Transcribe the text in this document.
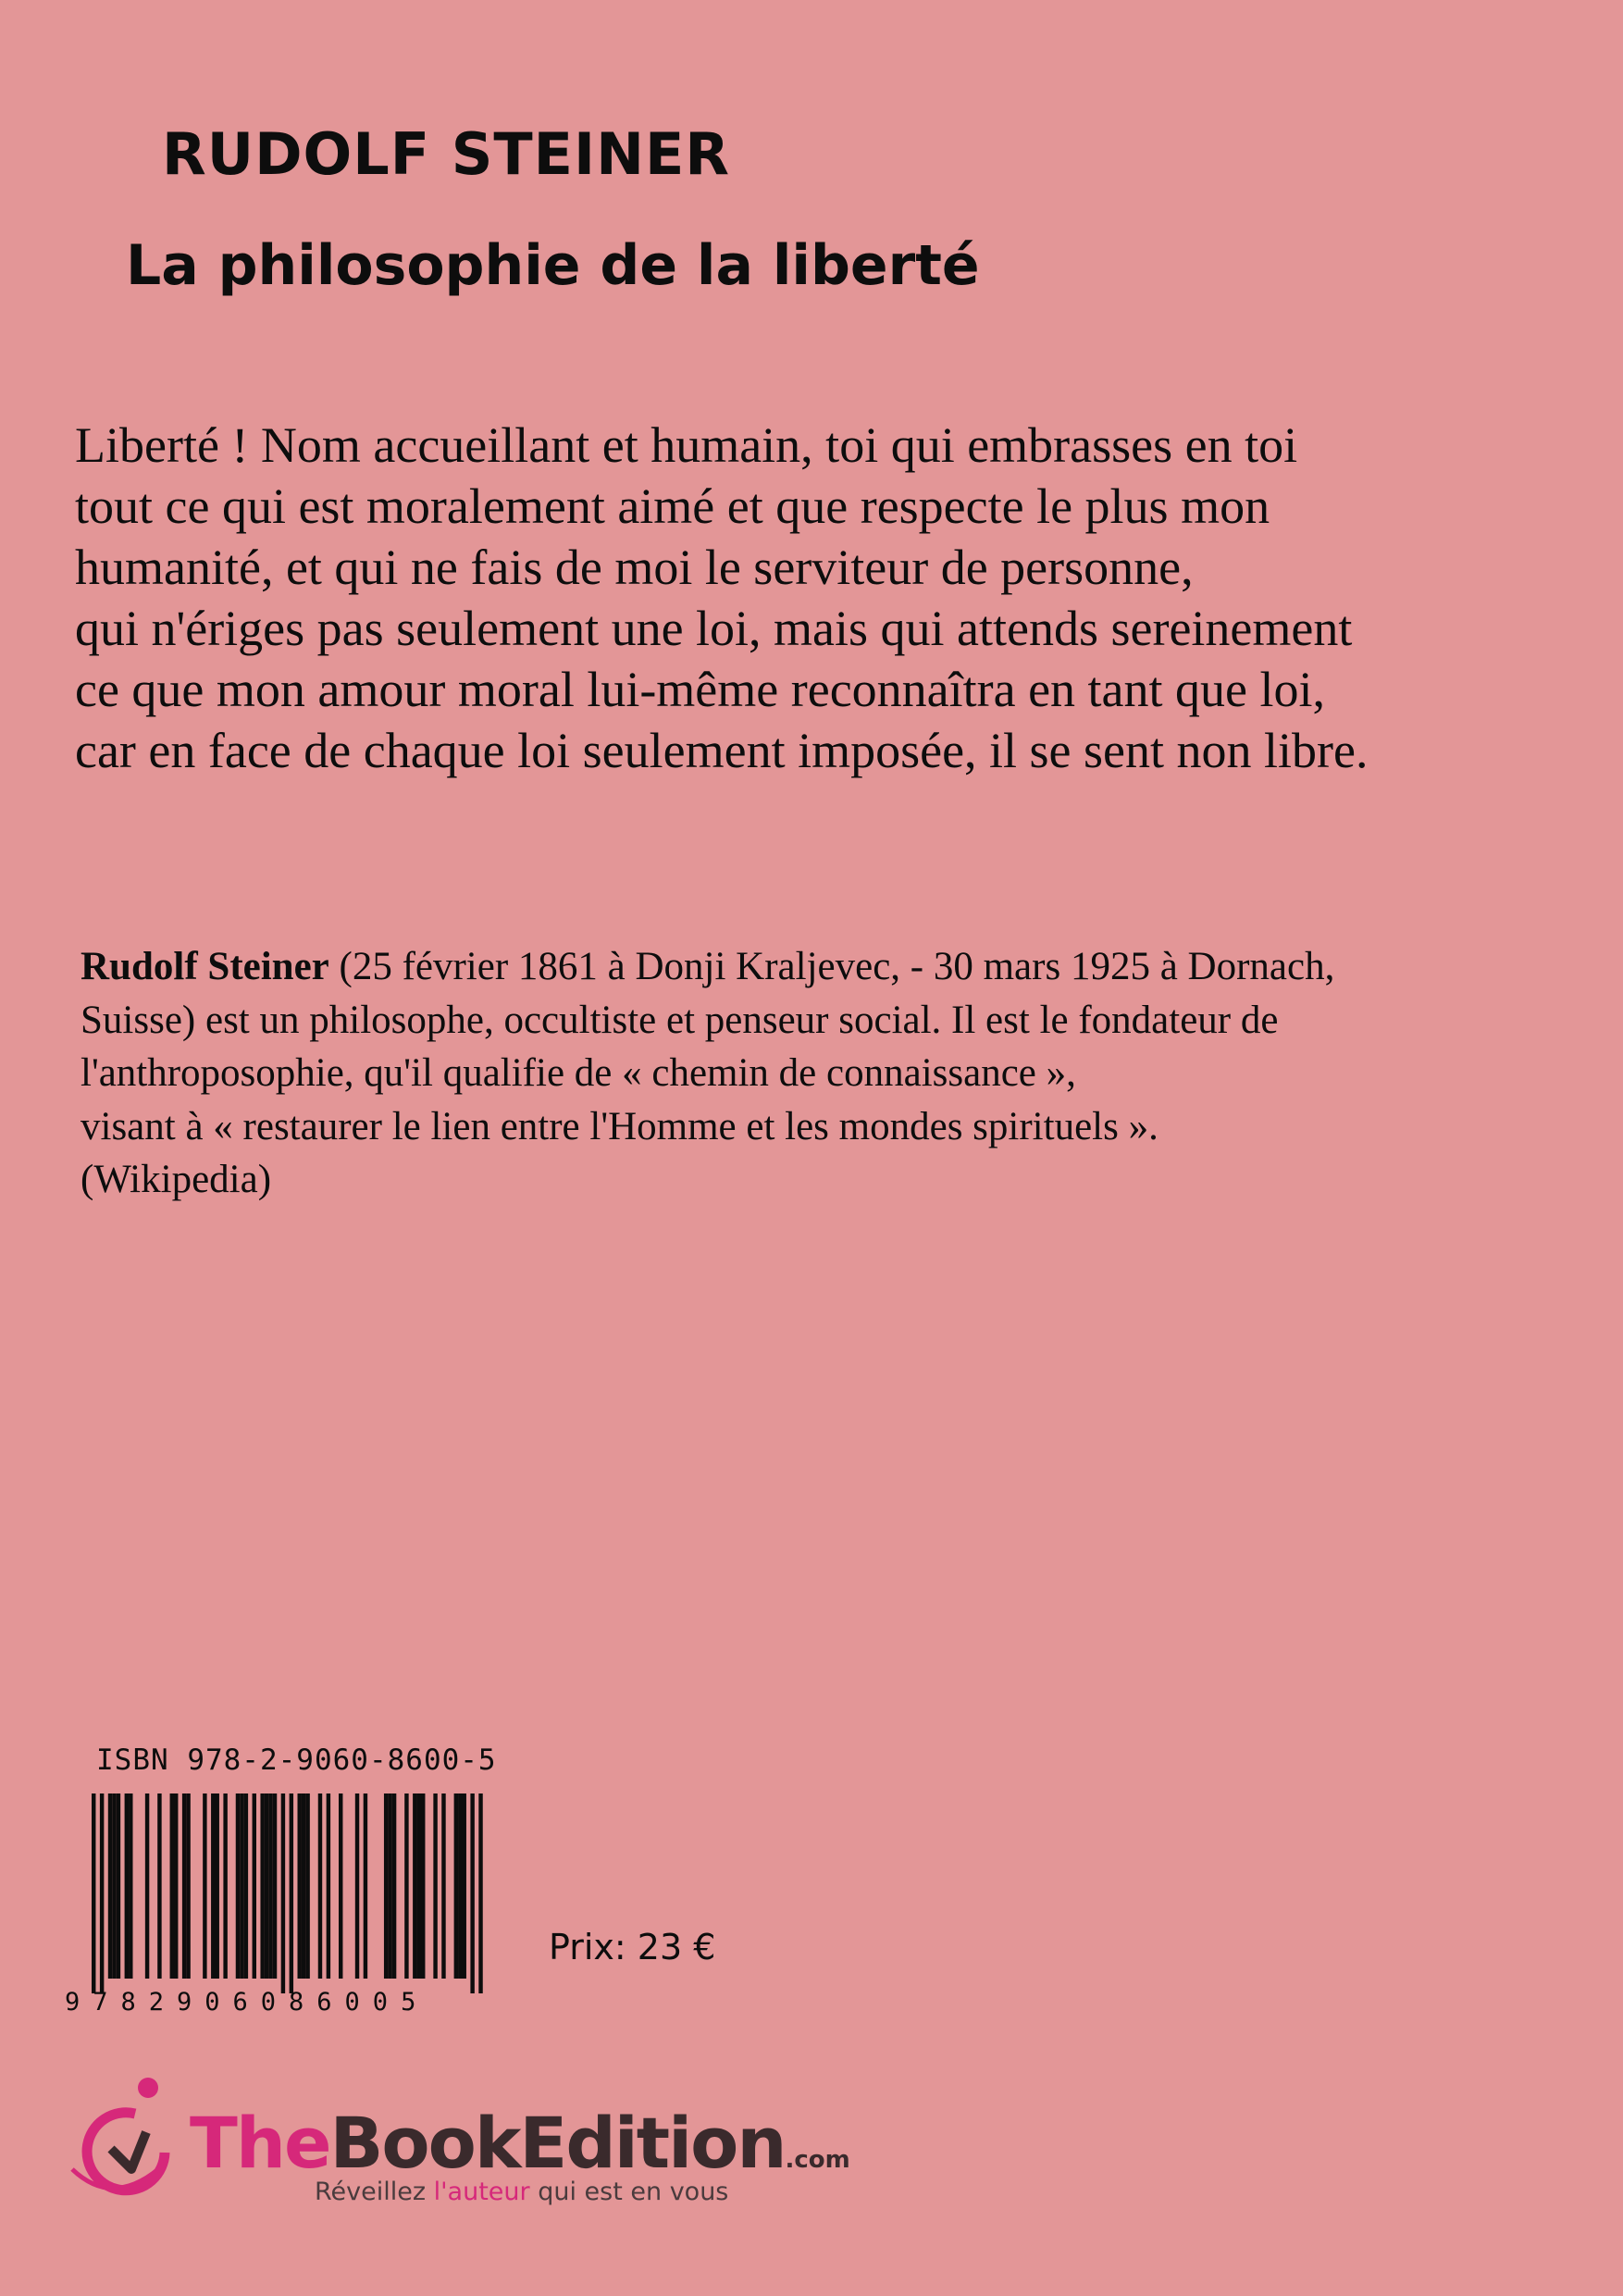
RUDOLF STEINER
La philosophie de la liberté
Liberté ! Nom accueillant et humain, toi qui embrasses en toi
tout ce qui est moralement aimé et que respecte le plus mon
humanité, et qui ne fais de moi le serviteur de personne,
qui n'ériges pas seulement une loi, mais qui attends sereinement
ce que mon amour moral lui-même reconnaîtra en tant que loi,
car en face de chaque loi seulement imposée, il se sent non libre.
Rudolf Steiner (25 février 1861 à Donji Kraljevec, - 30 mars 1925 à Dornach,
Suisse) est un philosophe, occultiste et penseur social. Il est le fondateur de
l'anthroposophie, qu'il qualifie de « chemin de connaissance »,
visant à « restaurer le lien entre l'Homme et les mondes spirituels ».
(Wikipedia)
ISBN 978-2-9060-8600-5
9782906086005
Prix: 23 €
TheBookEdition.com
Réveillez l'auteur qui est en vous
